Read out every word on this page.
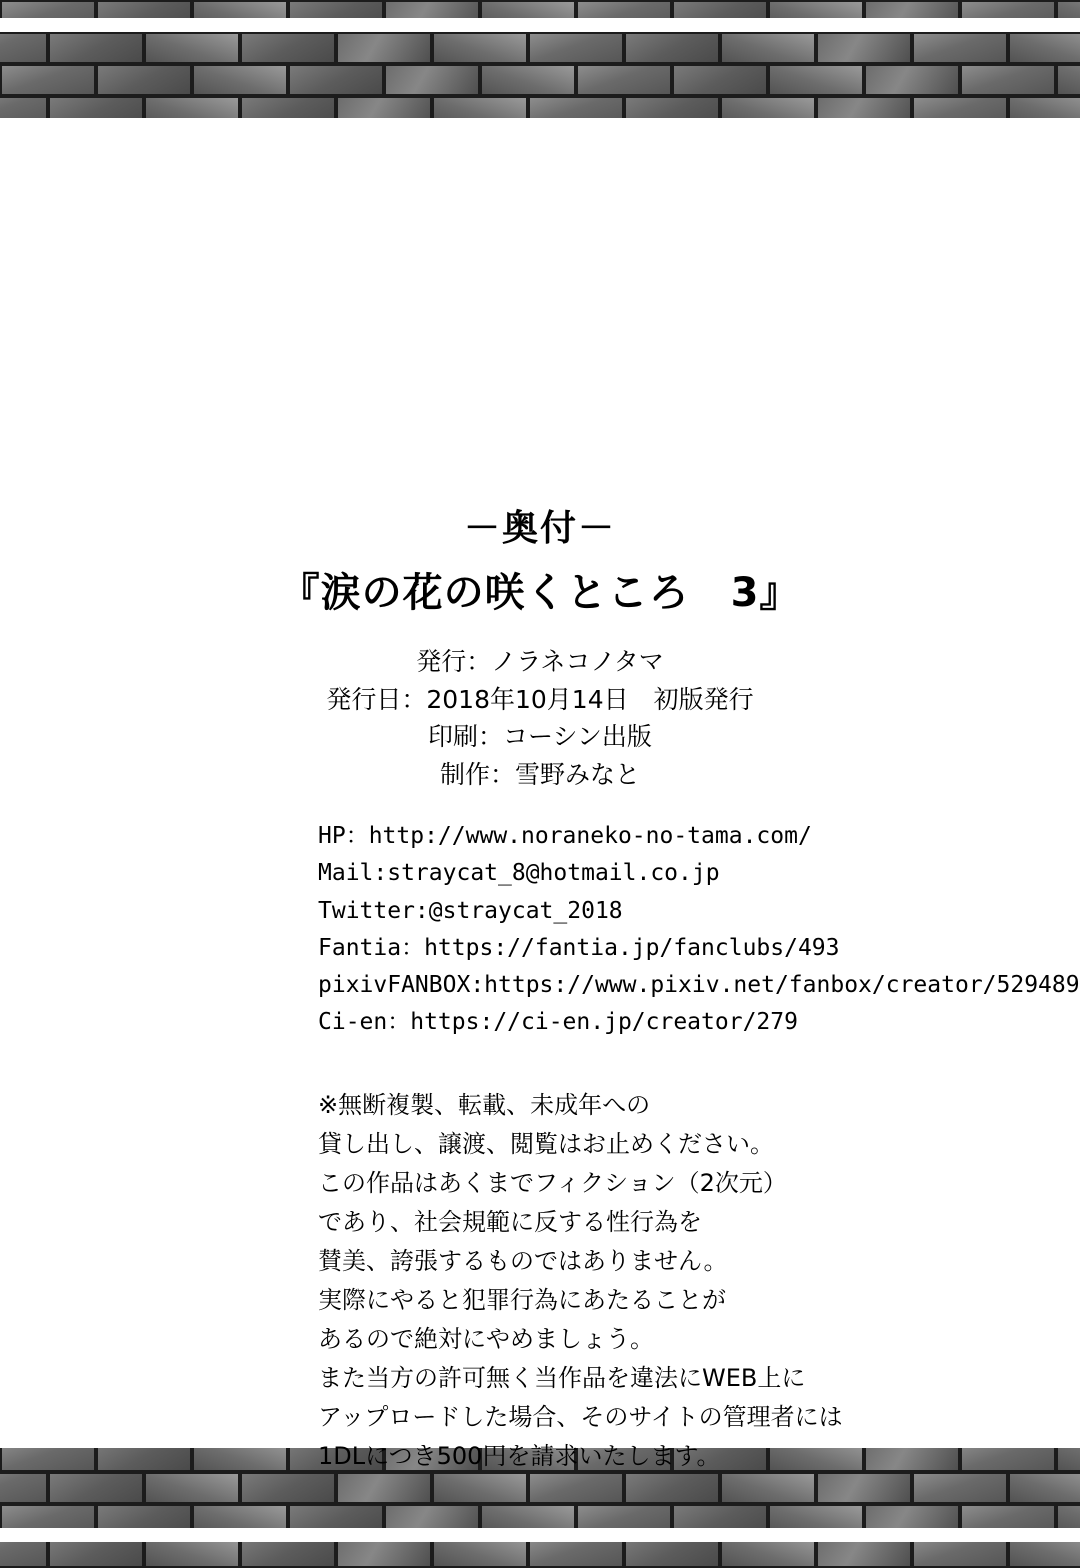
－奥付－
『涙の花の咲くところ　3』
発行：ノラネコノタマ
発行日：2018年10月14日　初版発行
印刷：コーシン出版
制作：雪野みなと
HP：http://www.noraneko-no-tama.com/
Mail:straycat_8@hotmail.co.jp
Twitter:@straycat_2018
Fantia：https://fantia.jp/fanclubs/493
pixivFANBOX:https://www.pixiv.net/fanbox/creator/529489
Ci-en：https://ci-en.jp/creator/279
※無断複製、転載、未成年への
貸し出し、譲渡、閲覧はお止めください。
この作品はあくまでフィクション（2次元）
であり、社会規範に反する性行為を
賛美、誇張するものではありません。
実際にやると犯罪行為にあたることが
あるので絶対にやめましょう。
また当方の許可無く当作品を違法にWEB上に
アップロードした場合、そのサイトの管理者には
1DLにつき500円を請求いたします。
